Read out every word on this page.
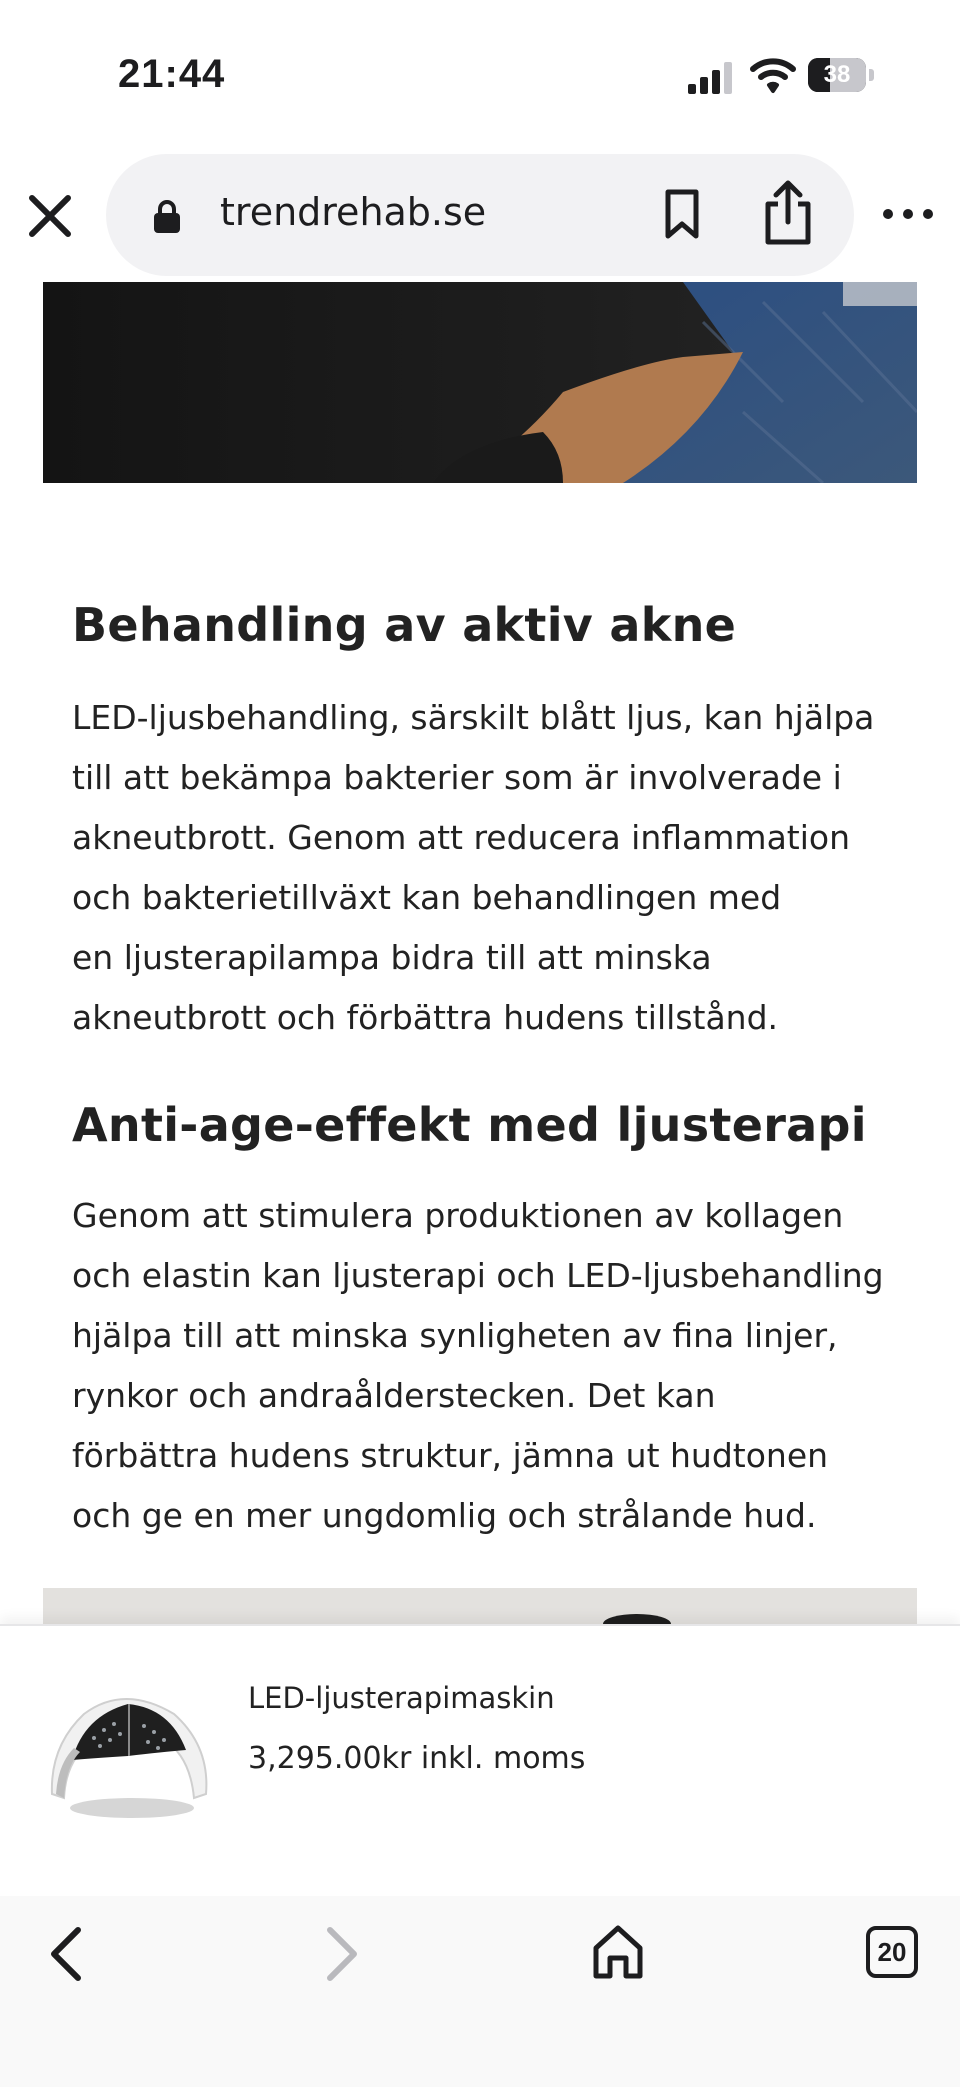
21:44	38
trendrehab.se
Behandling av aktiv akne
LED-ljusbehandling, särskilt blått ljus, kan hjälpa
till att bekämpa bakterier som är involverade i
akneutbrott. Genom att reducera inflammation
och bakterietillväxt kan behandlingen med
en ljusterapilampa bidra till att minska
akneutbrott och förbättra hudens tillstånd.
Anti-age-effekt med ljusterapi
Genom att stimulera produktionen av kollagen
och elastin kan ljusterapi och LED-ljusbehandling
hjälpa till att minska synligheten av fina linjer,
rynkor och andraålderstecken. Det kan
förbättra hudens struktur, jämna ut hudtonen
och ge en mer ungdomlig och strålande hud.
LED-ljusterapimaskin
3,295.00kr inkl. moms
20
